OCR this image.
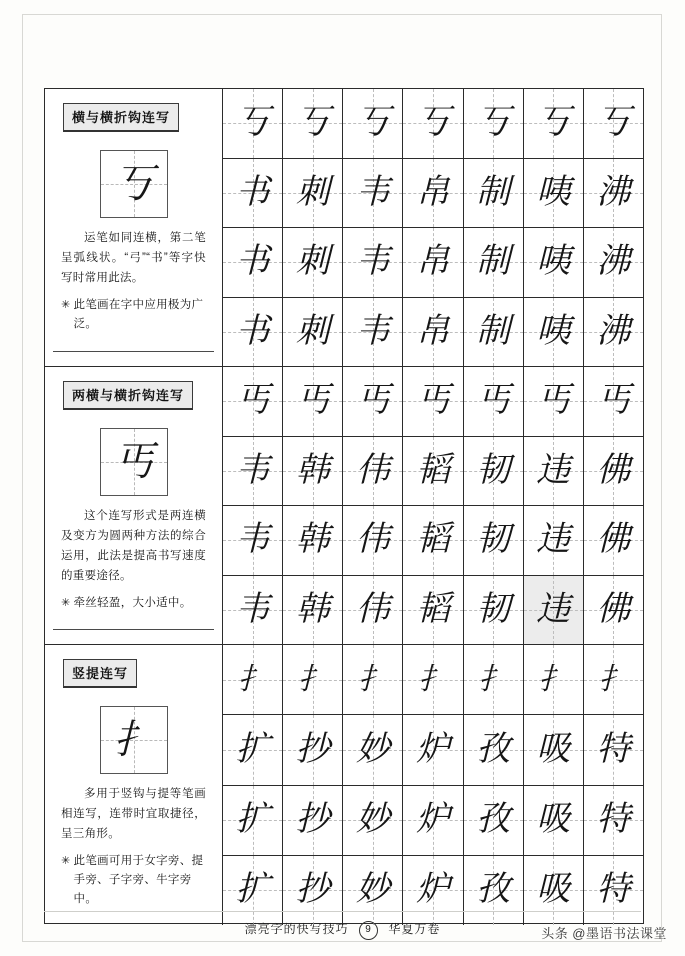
横与横折钩连写
丂
运笔如同连横，第二笔呈弧线状。“弓”“书”等字快写时常用此法。
✳ 此笔画在字中应用极为广泛。
丂 丂 丂 丂 丂 丂 丂
书 刺 韦 帛 制 咦 沸
书 刺 韦 帛 制 咦 沸
书 刺 韦 帛 制 咦 沸
两横与横折钩连写
丐
这个连写形式是两连横及变方为圆两种方法的综合运用，此法是提高书写速度的重要途径。
✳ 牵丝轻盈，大小适中。
丐 丐 丐 丐 丐 丐 丐
韦 韩 伟 韬 韧 违 佛
韦 韩 伟 韬 韧 违 佛
韦 韩 伟 韬 韧 违 佛
竖提连写
扌
多用于竖钩与提等笔画相连写，连带时宜取捷径，呈三角形。
✳ 此笔画可用于女字旁、提手旁、子字旁、牛字旁中。
扌	扌	扌	扌	扌	扌	扌
扩 抄 妙 炉 孜 吸 特
扩 抄 妙 炉 孜 吸 特
扩 抄 妙 炉 孜 吸 特
漂亮字的快写技巧 9 华夏万卷	头条 @墨语书法课堂
